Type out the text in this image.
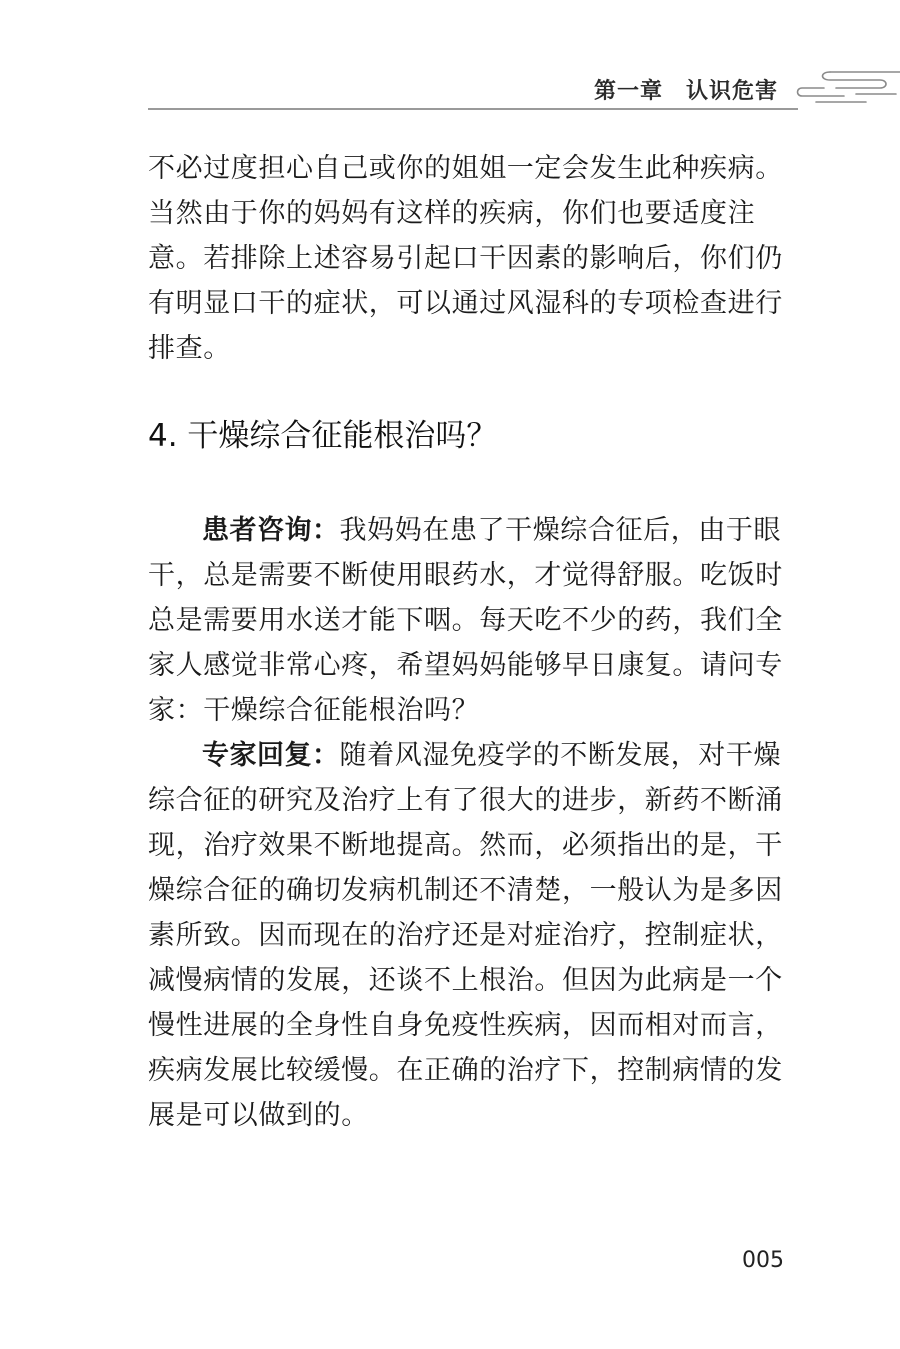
第一章　认识危害

不必过度担心自己或你的姐姐一定会发生此种疾病。当然由于你的妈妈有这样的疾病，你们也要适度注意。若排除上述容易引起口干因素的影响后，你们仍有明显口干的症状，可以通过风湿科的专项检查进行排查。

4. 干燥综合征能根治吗？

患者咨询：我妈妈在患了干燥综合征后，由于眼干，总是需要不断使用眼药水，才觉得舒服。吃饭时总是需要用水送才能下咽。每天吃不少的药，我们全家人感觉非常心疼，希望妈妈能够早日康复。请问专家：干燥综合征能根治吗？

专家回复：随着风湿免疫学的不断发展，对干燥综合征的研究及治疗上有了很大的进步，新药不断涌现，治疗效果不断地提高。然而，必须指出的是，干燥综合征的确切发病机制还不清楚，一般认为是多因素所致。因而现在的治疗还是对症治疗，控制症状，减慢病情的发展，还谈不上根治。但因为此病是一个慢性进展的全身性自身免疫性疾病，因而相对而言，疾病发展比较缓慢。在正确的治疗下，控制病情的发展是可以做到的。

005
